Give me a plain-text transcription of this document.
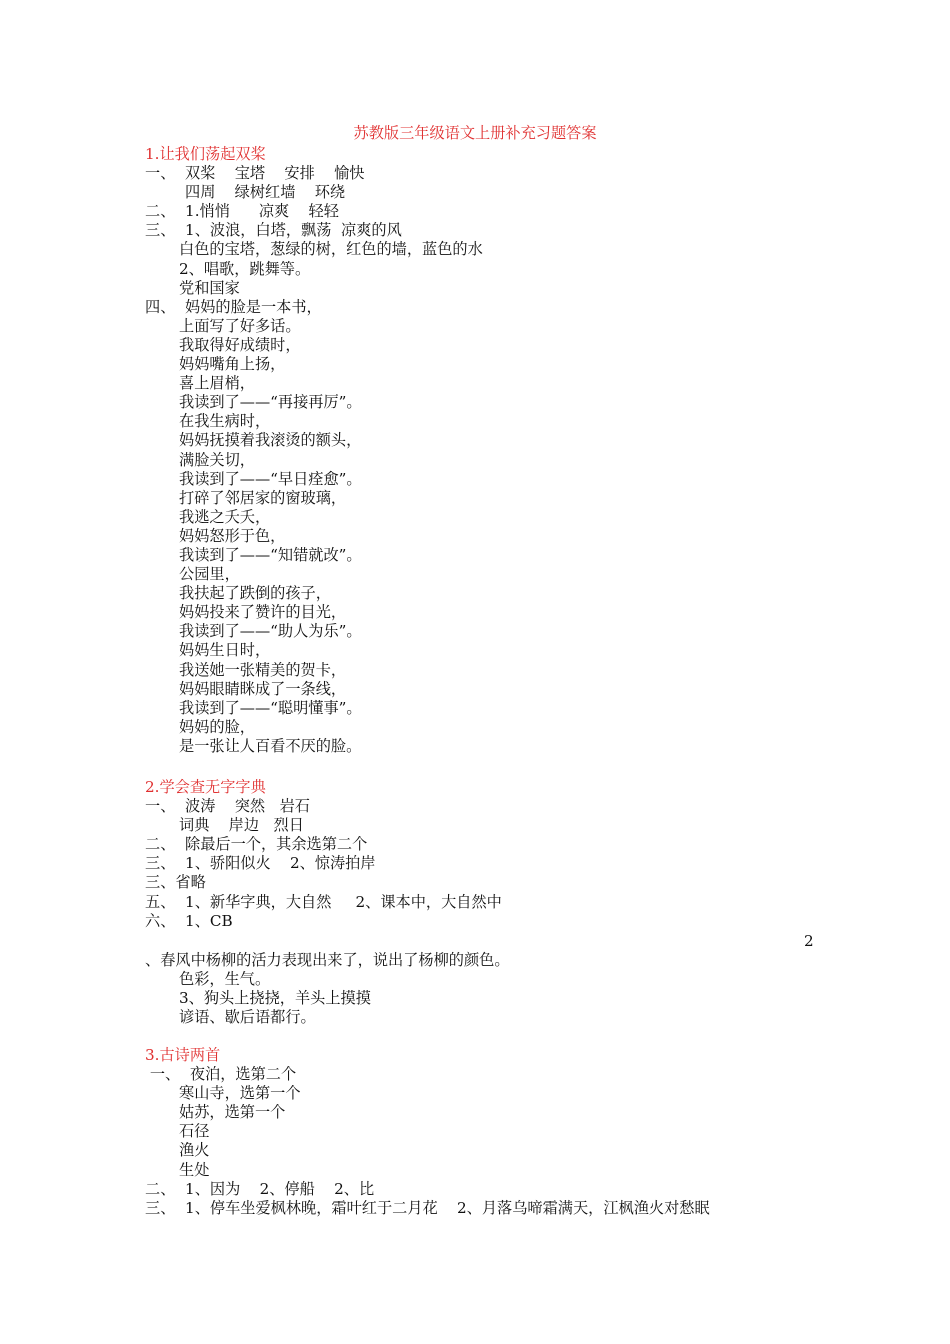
苏教版三年级语文上册补充习题答案
1.让我们荡起双桨
一、  双桨    宝塔    安排    愉快
四周    绿树红墙    环绕
二、  1.悄悄      凉爽    轻轻
三、  1、波浪，白塔，飘荡  凉爽的风
白色的宝塔，葱绿的树，红色的墙，蓝色的水
2、唱歌，跳舞等。
党和国家
四、  妈妈的脸是一本书，
上面写了好多话。
我取得好成绩时，
妈妈嘴角上扬，
喜上眉梢，
我读到了——“再接再厉”。
在我生病时，
妈妈抚摸着我滚烫的额头，
满脸关切，
我读到了——“早日痊愈”。
打碎了邻居家的窗玻璃，
我逃之夭夭，
妈妈怒形于色，
我读到了——“知错就改”。
公园里，
我扶起了跌倒的孩子，
妈妈投来了赞许的目光，
我读到了——“助人为乐”。
妈妈生日时，
我送她一张精美的贺卡，
妈妈眼睛眯成了一条线，
我读到了——“聪明懂事”。
妈妈的脸，
是一张让人百看不厌的脸。
2.学会查无字字典
一、  波涛    突然   岩石
词典    岸边   烈日
二、  除最后一个，其余选第二个
三、  1、骄阳似火    2、惊涛拍岸
三、省略
五、  1、新华字典，大自然     2、课本中，大自然中
六、  1、CB
2
、春风中杨柳的活力表现出来了，说出了杨柳的颜色。
色彩，生气。
3、狗头上挠挠，羊头上摸摸
谚语、歇后语都行。
3.古诗两首
一、  夜泊，选第二个
寒山寺，选第一个
姑苏，选第一个
石径
渔火
生处
二、  1、因为    2、停船    2、比
三、  1、停车坐爱枫林晚，霜叶红于二月花    2、月落乌啼霜满天，江枫渔火对愁眠
